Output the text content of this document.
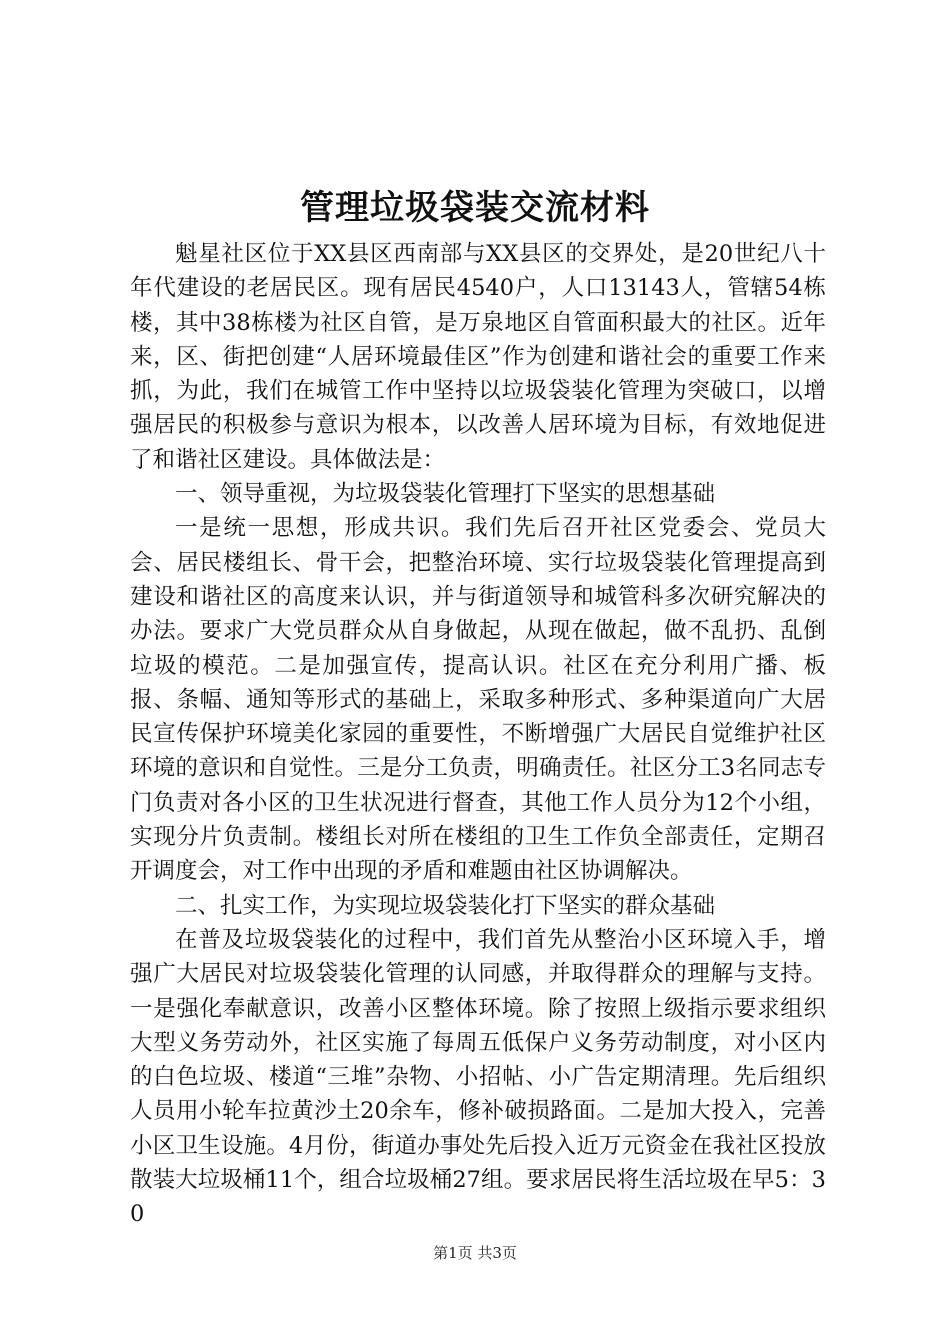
管理垃圾袋装交流材料

魁星社区位于XX县区西南部与XX县区的交界处，是20世纪八十年代建设的老居民区。现有居民4540户，人口13143人，管辖54栋楼，其中38栋楼为社区自管，是万泉地区自管面积最大的社区。近年来，区、街把创建“人居环境最佳区”作为创建和谐社会的重要工作来抓，为此，我们在城管工作中坚持以垃圾袋装化管理为突破口，以增强居民的积极参与意识为根本，以改善人居环境为目标，有效地促进了和谐社区建设。具体做法是：

一、领导重视，为垃圾袋装化管理打下坚实的思想基础

一是统一思想，形成共识。我们先后召开社区党委会、党员大会、居民楼组长、骨干会，把整治环境、实行垃圾袋装化管理提高到建设和谐社区的高度来认识，并与街道领导和城管科多次研究解决的办法。要求广大党员群众从自身做起，从现在做起，做不乱扔、乱倒垃圾的模范。二是加强宣传，提高认识。社区在充分利用广播、板报、条幅、通知等形式的基础上，采取多种形式、多种渠道向广大居民宣传保护环境美化家园的重要性，不断增强广大居民自觉维护社区环境的意识和自觉性。三是分工负责，明确责任。社区分工3名同志专门负责对各小区的卫生状况进行督查，其他工作人员分为12个小组，实现分片负责制。楼组长对所在楼组的卫生工作负全部责任，定期召开调度会，对工作中出现的矛盾和难题由社区协调解决。

二、扎实工作，为实现垃圾袋装化打下坚实的群众基础

在普及垃圾袋装化的过程中，我们首先从整治小区环境入手，增强广大居民对垃圾袋装化管理的认同感，并取得群众的理解与支持。一是强化奉献意识，改善小区整体环境。除了按照上级指示要求组织大型义务劳动外，社区实施了每周五低保户义务劳动制度，对小区内的白色垃圾、楼道“三堆”杂物、小招帖、小广告定期清理。先后组织人员用小轮车拉黄沙土20余车，修补破损路面。二是加大投入，完善小区卫生设施。4月份，街道办事处先后投入近万元资金在我社区投放散装大垃圾桶11个，组合垃圾桶27组。要求居民将生活垃圾在早5：30

第1页 共3页
